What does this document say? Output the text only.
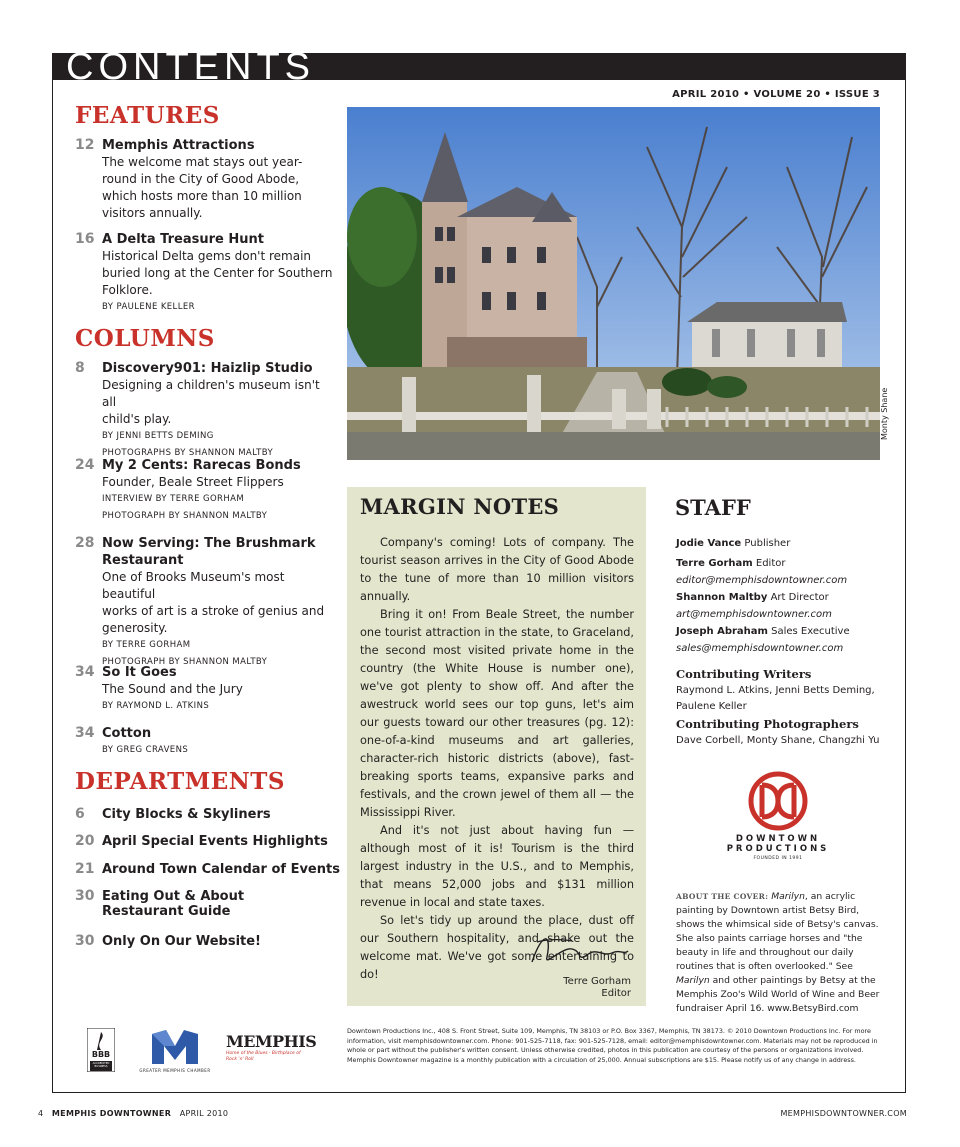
CONTENTS
APRIL 2010 • VOLUME 20 • ISSUE 3
FEATURES
12 Memphis Attractions
The welcome mat stays out year-
round in the City of Good Abode,
which hosts more than 10 million
visitors annually.
16 A Delta Treasure Hunt
Historical Delta gems don't remain
buried long at the Center for Southern
Folklore.
BY PAULENE KELLER
COLUMNS
8 Discovery901: Haizlip Studio
Designing a children's museum isn't all
child's play.
BY JENNI BETTS DEMING
PHOTOGRAPHS BY SHANNON MALTBY
24 My 2 Cents: Rarecas Bonds
Founder, Beale Street Flippers
INTERVIEW BY TERRE GORHAM
PHOTOGRAPH BY SHANNON MALTBY
28 Now Serving: The Brushmark
Restaurant
One of Brooks Museum's most beautiful
works of art is a stroke of genius and
generosity.
BY TERRE GORHAM
PHOTOGRAPH BY SHANNON MALTBY
34 So It Goes
The Sound and the Jury
BY RAYMOND L. ATKINS
34 Cotton
BY GREG CRAVENS
DEPARTMENTS
6 City Blocks & Skyliners
20 April Special Events Highlights
21 Around Town Calendar of Events
30 Eating Out & About
Restaurant Guide
30 Only On Our Website!
Monty Shane
MARGIN NOTES

Company's coming! Lots of company. The tourist season arrives in the City of Good Abode to the tune of more than 10 million visitors annually.

Bring it on! From Beale Street, the number one tourist attraction in the state, to Graceland, the second most visited private home in the country (the White House is number one), we've got plenty to show off. And after the awestruck world sees our top guns, let's aim our guests toward our other treasures (pg. 12): one-of-a-kind museums and art galleries, character-rich historic districts (above), fast-breaking sports teams, expansive parks and festivals, and the crown jewel of them all — the Mississippi River.

And it's not just about having fun — although most of it is! Tourism is the third largest industry in the U.S., and to Memphis, that means 52,000 jobs and $131 million revenue in local and state taxes.

So let's tidy up around the place, dust off our Southern hospitality, and shake out the welcome mat. We've got some entertaining to do!

Terre Gorham
Editor
STAFF
Jodie Vance Publisher
Terre Gorham Editor
editor@memphisdowntowner.com
Shannon Maltby Art Director
art@memphisdowntowner.com
Joseph Abraham Sales Executive
sales@memphisdowntowner.com
Contributing Writers
Raymond L. Atkins, Jenni Betts Deming,
Paulene Keller
Contributing Photographers
Dave Corbell, Monty Shane, Changzhi Yu
DOWNTOWN
PRODUCTIONS
FOUNDED IN 1991
ABOUT THE COVER: Marilyn, an acrylic painting by Downtown artist Betsy Bird, shows the whimsical side of Betsy's canvas. She also paints carriage horses and "the beauty in life and throughout our daily routines that is often overlooked." See Marilyn and other paintings by Betsy at the Memphis Zoo's Wild World of Wine and Beer fundraiser April 16. www.BetsyBird.com
BBB
ACCREDITED BUSINESS
GREATER MEMPHIS CHAMBER
MEMPHIS
Home of the Blues · Birthplace of Rock 'n' Roll
Downtown Productions Inc., 408 S. Front Street, Suite 109, Memphis, TN 38103 or P.O. Box 3367, Memphis, TN 38173. © 2010 Downtown Productions Inc. For more information, visit memphisdowntowner.com. Phone: 901-525-7118, fax: 901-525-7128, email: editor@memphisdowntowner.com. Materials may not be reproduced in whole or part without the publisher's written consent. Unless otherwise credited, photos in this publication are courtesy of the persons or organizations involved. Memphis Downtowner magazine is a monthly publication with a circulation of 25,000. Annual subscriptions are $15. Please notify us of any change in address.
4 MEMPHIS DOWNTOWNER APRIL 2010	MEMPHISDOWNTOWNER.COM
